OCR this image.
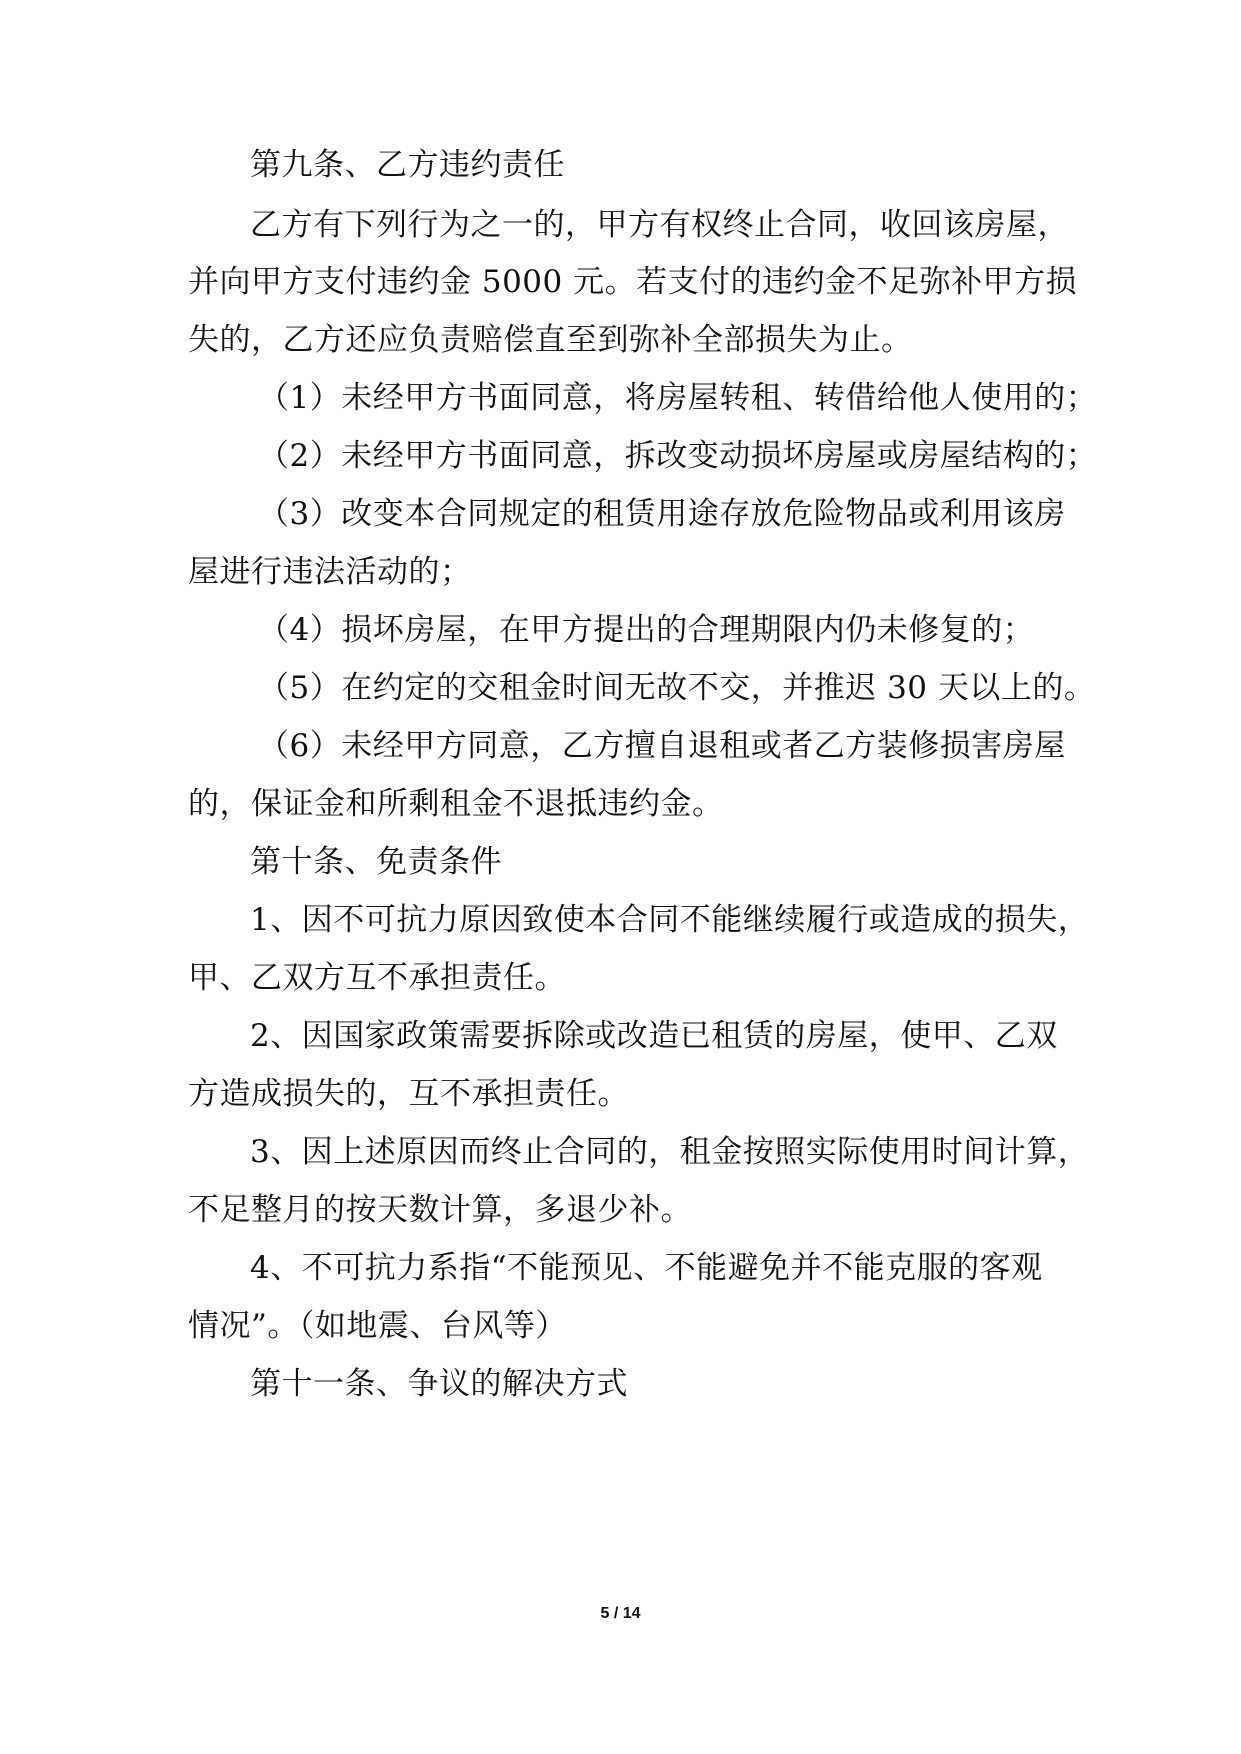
第九条、乙方违约责任
乙方有下列行为之一的，甲方有权终止合同，收回该房屋，
并向甲方支付违约金 5000 元。若支付的违约金不足弥补甲方损
失的，乙方还应负责赔偿直至到弥补全部损失为止。
（1）未经甲方书面同意，将房屋转租、转借给他人使用的；
（2）未经甲方书面同意，拆改变动损坏房屋或房屋结构的；
（3）改变本合同规定的租赁用途存放危险物品或利用该房
屋进行违法活动的；
（4）损坏房屋，在甲方提出的合理期限内仍未修复的；
（5）在约定的交租金时间无故不交，并推迟 30 天以上的。
（6）未经甲方同意，乙方擅自退租或者乙方装修损害房屋
的，保证金和所剩租金不退抵违约金。
第十条、免责条件
1、因不可抗力原因致使本合同不能继续履行或造成的损失，
甲、乙双方互不承担责任。
2、因国家政策需要拆除或改造已租赁的房屋，使甲、乙双
方造成损失的，互不承担责任。
3、因上述原因而终止合同的，租金按照实际使用时间计算，
不足整月的按天数计算，多退少补。
4、不可抗力系指“不能预见、不能避免并不能克服的客观
情况”。（如地震、台风等）
第十一条、争议的解决方式
5 / 14
